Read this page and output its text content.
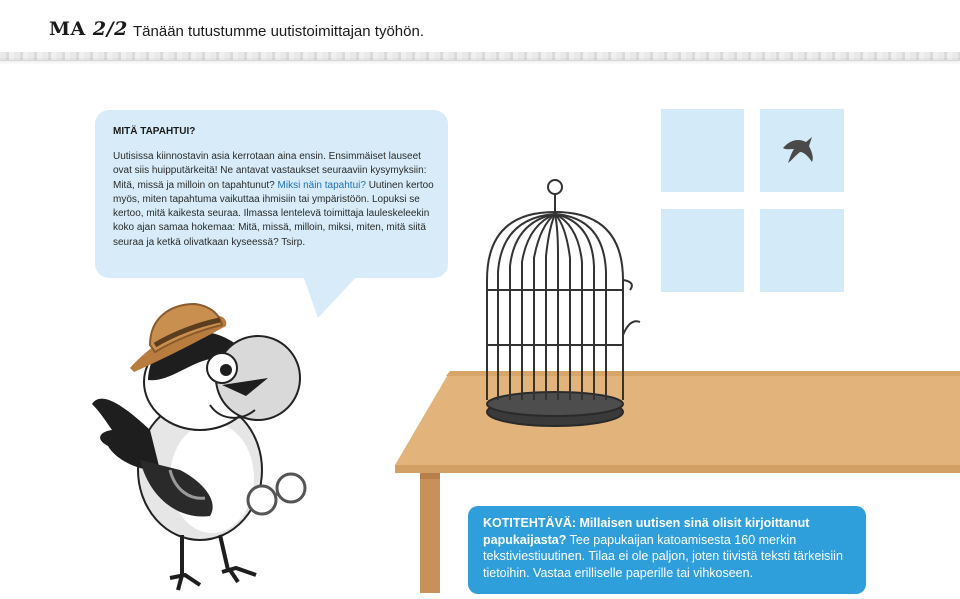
MA 2/2 Tänään tutustumme uutistoimittajan työhön.
MITÄ TAPAHTUI?
Uutisissa kiinnostavin asia kerrotaan aina ensin. Ensimmäiset lauseet ovat siis huipputärkeitä! Ne antavat vastaukset seuraaviin kysymyksiin: Mitä, missä ja milloin on tapahtunut? Miksi näin tapahtui? Uutinen kertoo myös, miten tapahtuma vaikuttaa ihmisiin tai ympäristöön. Lopuksi se kertoo, mitä kaikesta seuraa. Ilmassa lentelevä toimittaja lauleskeleekin koko ajan samaa hokemaa: Mitä, missä, milloin, miksi, miten, mitä siitä seuraa ja ketkä olivatkaan kyseessä? Tsirp.
KOTITEHTÄVÄ: Millaisen uutisen sinä olisit kirjoittanut papukaijasta? Tee papukaijan katoamisesta 160 merkin tekstiviestiuutinen. Tilaa ei ole paljon, joten tiivistä teksti tärkeisiin tietoihin. Vastaa erilliselle paperille tai vihkoseen.
